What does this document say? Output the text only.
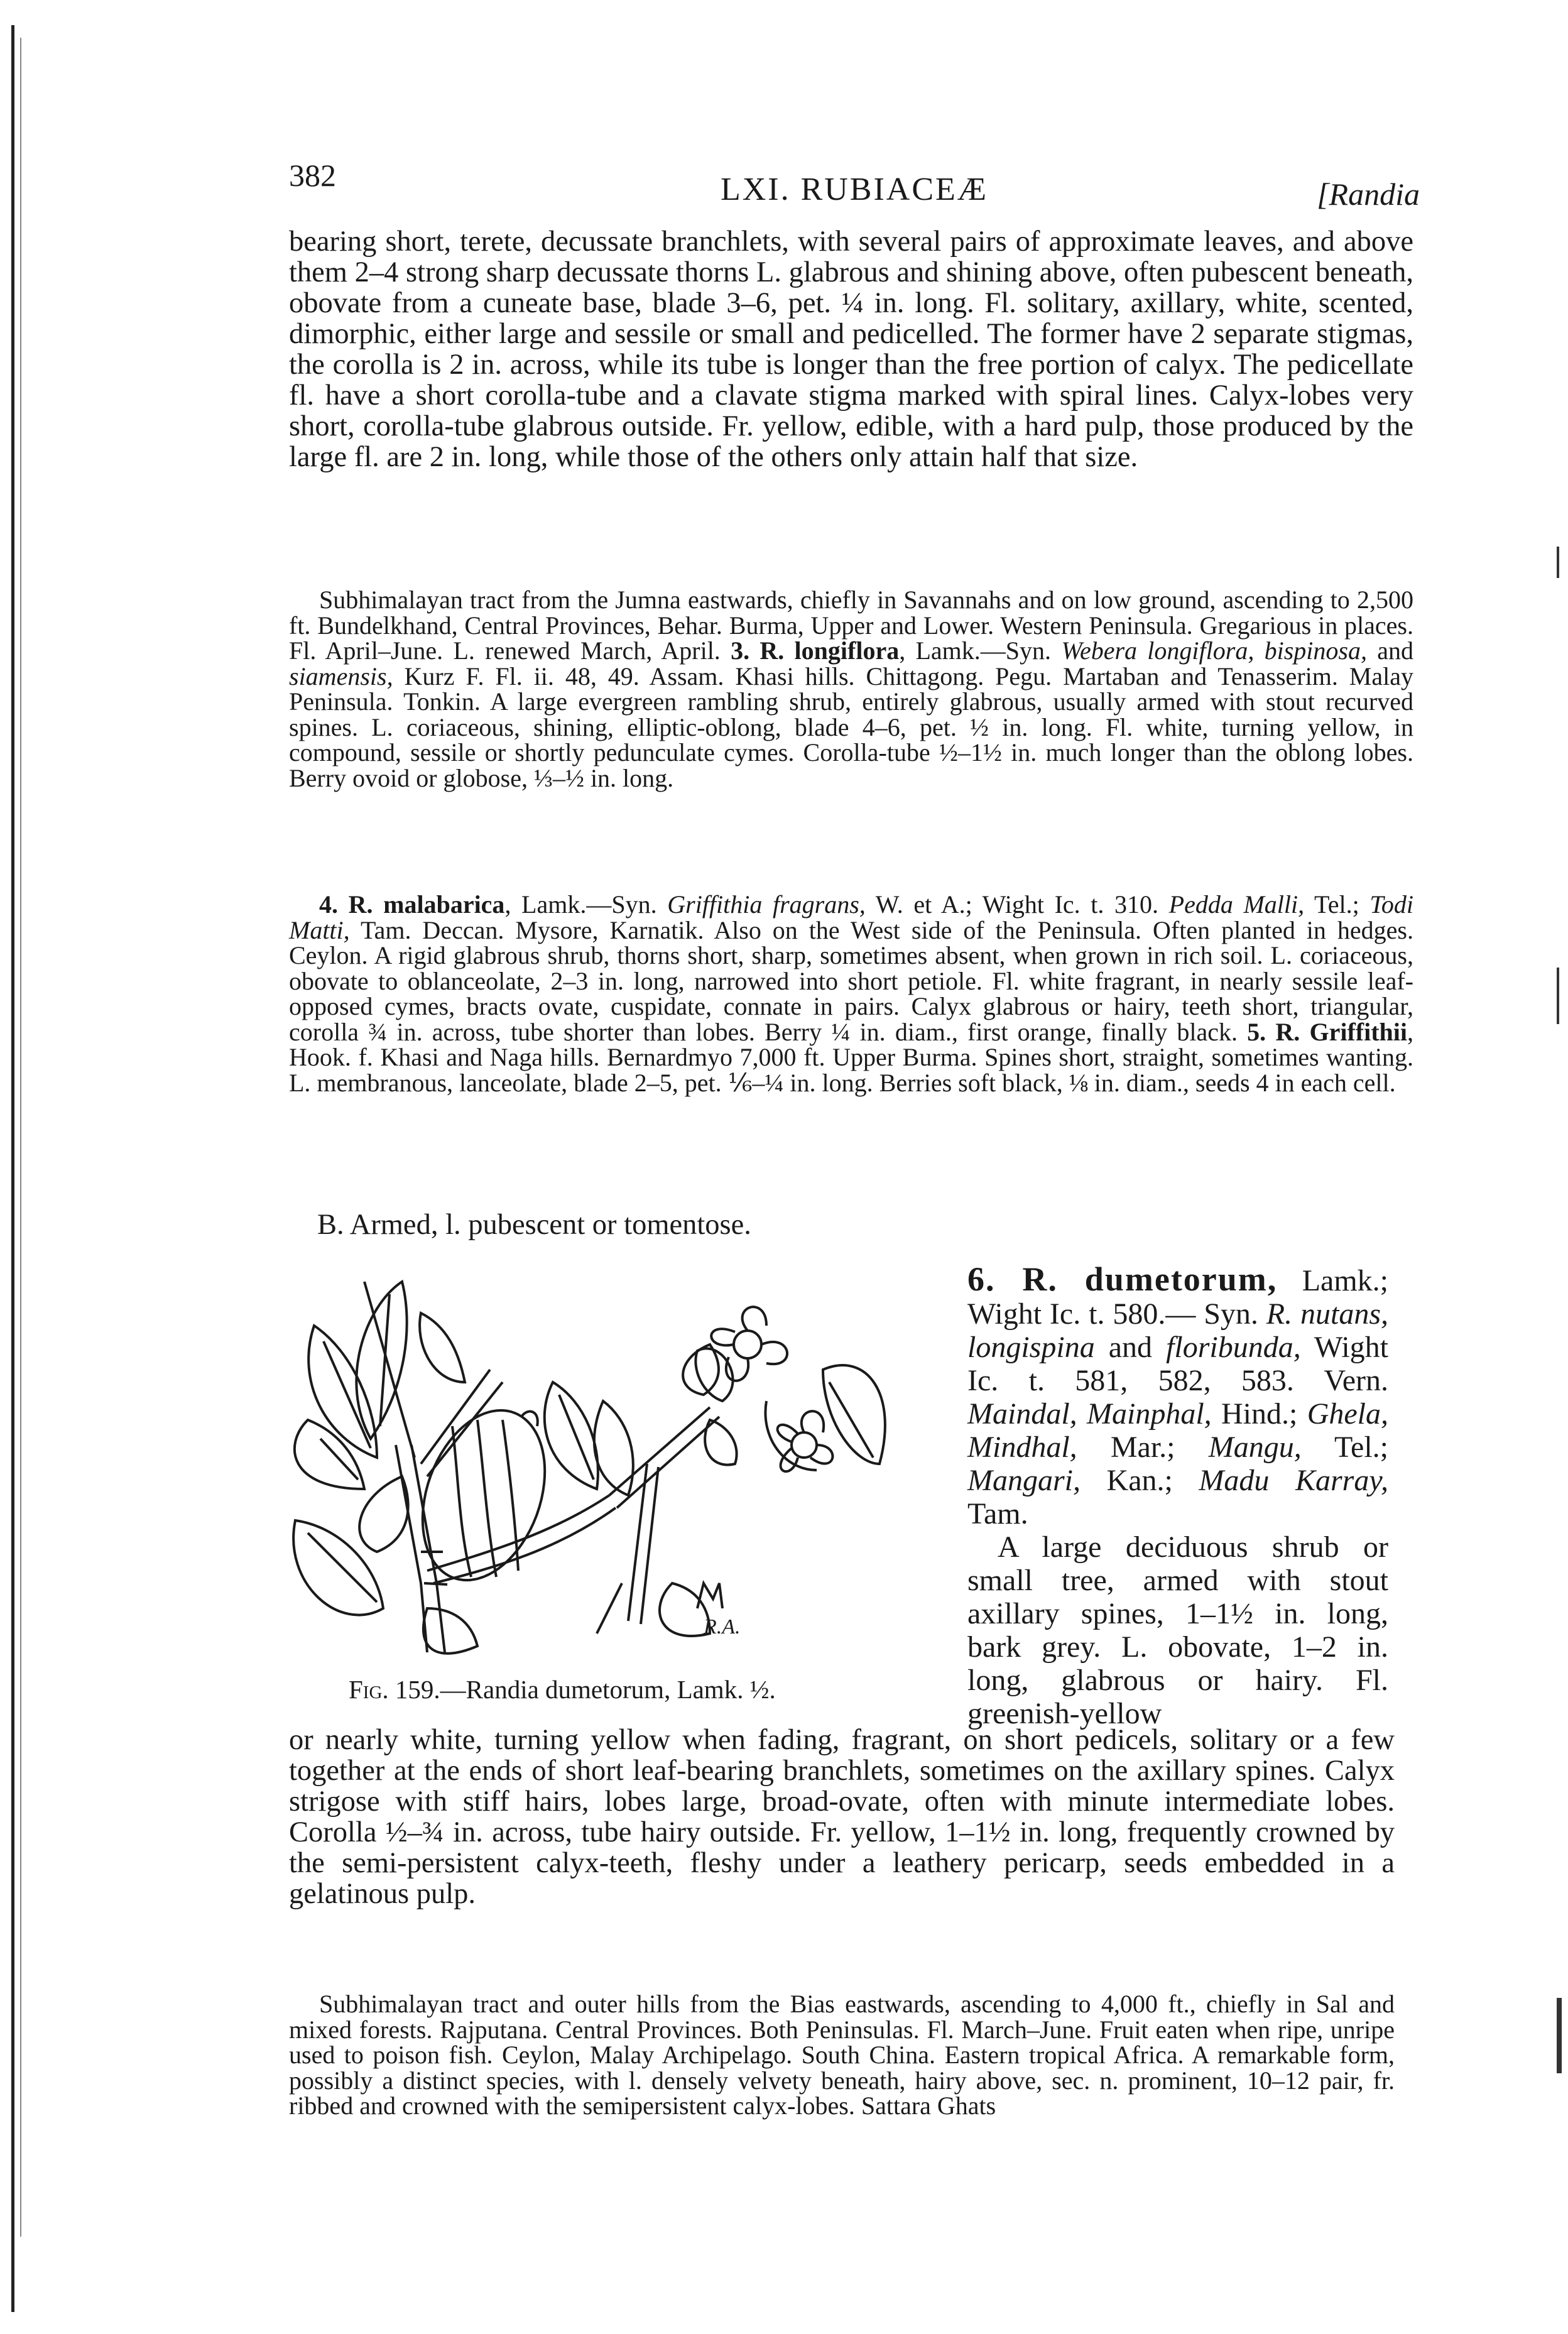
382	LXI. RUBIACEÆ	[Randia

bearing short, terete, decussate branchlets, with several pairs of approximate leaves, and above them 2–4 strong sharp decussate thorns L. glabrous and shining above, often pubescent beneath, obovate from a cuneate base, blade 3–6, pet. ¼ in. long. Fl. solitary, axillary, white, scented, dimorphic, either large and sessile or small and pedicelled. The former have 2 separate stigmas, the corolla is 2 in. across, while its tube is longer than the free portion of calyx. The pedicellate fl. have a short corolla-tube and a clavate stigma marked with spiral lines. Calyx-lobes very short, corolla-tube glabrous outside. Fr. yellow, edible, with a hard pulp, those produced by the large fl. are 2 in. long, while those of the others only attain half that size.

Subhimalayan tract from the Jumna eastwards, chiefly in Savannahs and on low ground, ascending to 2,500 ft. Bundelkhand, Central Provinces, Behar. Burma, Upper and Lower. Western Peninsula. Gregarious in places. Fl. April–June. L. renewed March, April. 3. R. longiflora, Lamk.—Syn. Webera longiflora, bispinosa, and siamensis, Kurz F. Fl. ii. 48, 49. Assam. Khasi hills. Chittagong. Pegu. Martaban and Tenasserim. Malay Peninsula. Tonkin. A large evergreen rambling shrub, entirely glabrous, usually armed with stout recurved spines. L. coriaceous, shining, elliptic-oblong, blade 4–6, pet. ½ in. long. Fl. white, turning yellow, in compound, sessile or shortly pedunculate cymes. Corolla-tube ½–1½ in. much longer than the oblong lobes. Berry ovoid or globose, ⅓–½ in. long.

4. R. malabarica, Lamk.—Syn. Griffithia fragrans, W. et A.; Wight Ic. t. 310. Pedda Malli, Tel.; Todi Matti, Tam. Deccan. Mysore, Karnatik. Also on the West side of the Peninsula. Often planted in hedges. Ceylon. A rigid glabrous shrub, thorns short, sharp, sometimes absent, when grown in rich soil. L. coriaceous, obovate to oblanceolate, 2–3 in. long, narrowed into short petiole. Fl. white fragrant, in nearly sessile leaf-opposed cymes, bracts ovate, cuspidate, connate in pairs. Calyx glabrous or hairy, teeth short, triangular, corolla ¾ in. across, tube shorter than lobes. Berry ¼ in. diam., first orange, finally black. 5. R. Griffithii, Hook. f. Khasi and Naga hills. Bernardmyo 7,000 ft. Upper Burma. Spines short, straight, sometimes wanting. L. membranous, lanceolate, blade 2–5, pet. ⅙–¼ in. long. Berries soft black, ⅛ in. diam., seeds 4 in each cell.

B. Armed, l. pubescent or tomentose.

R.A.
Fig. 159.—Randia dumetorum, Lamk. ½.
6. R. dumetorum, Lamk.; Wight Ic. t. 580.— Syn. R. nutans, longispina and floribunda, Wight Ic. t. 581, 582, 583. Vern. Maindal, Mainphal, Hind.; Ghela, Mindhal, Mar.; Mangu, Tel.; Mangari, Kan.; Madu Karray, Tam.
A large deciduous shrub or small tree, armed with stout axillary spines, 1–1½ in. long, bark grey. L. obovate, 1–2 in. long, glabrous or hairy. Fl. greenish-yellow

or nearly white, turning yellow when fading, fragrant, on short pedicels, solitary or a few together at the ends of short leaf-bearing branchlets, sometimes on the axillary spines. Calyx strigose with stiff hairs, lobes large, broad-ovate, often with minute intermediate lobes. Corolla ½–¾ in. across, tube hairy outside. Fr. yellow, 1–1½ in. long, frequently crowned by the semi-persistent calyx-teeth, fleshy under a leathery pericarp, seeds embedded in a gelatinous pulp.

Subhimalayan tract and outer hills from the Bias eastwards, ascending to 4,000 ft., chiefly in Sal and mixed forests. Rajputana. Central Provinces. Both Peninsulas. Fl. March–June. Fruit eaten when ripe, unripe used to poison fish. Ceylon, Malay Archipelago. South China. Eastern tropical Africa. A remarkable form, possibly a distinct species, with l. densely velvety beneath, hairy above, sec. n. prominent, 10–12 pair, fr. ribbed and crowned with the semipersistent calyx-lobes. Sattara Ghats
